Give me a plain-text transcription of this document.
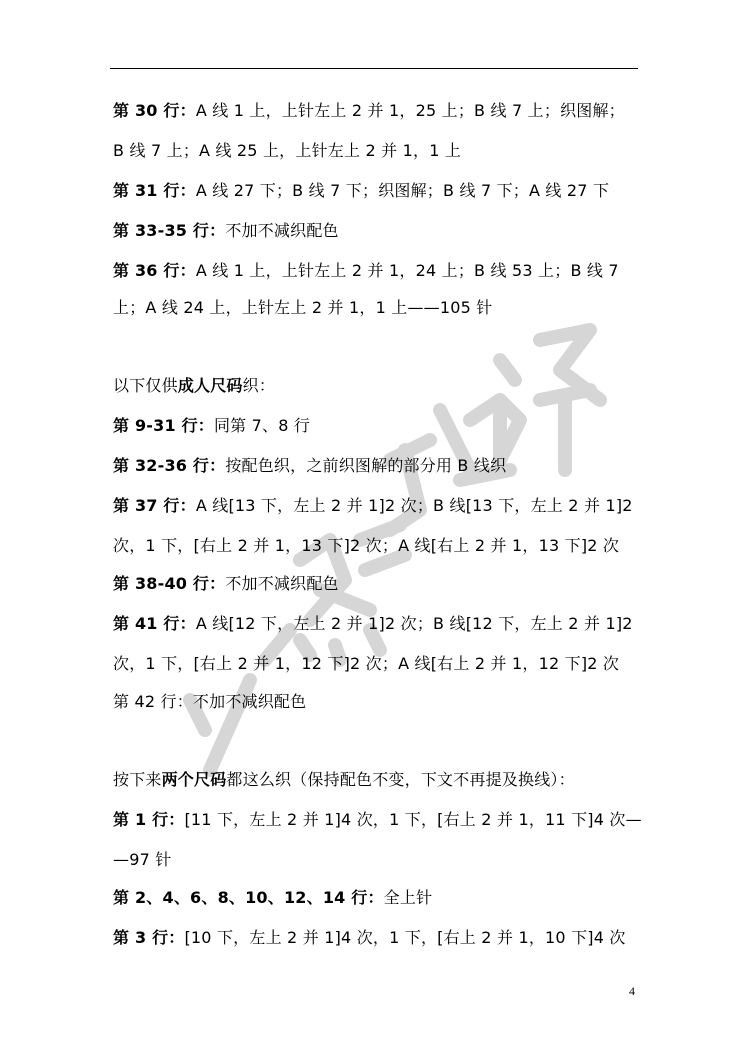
第 30 行：A 线 1 上，上针左上 2 并 1，25 上；B 线 7 上；织图解；
B 线 7 上；A 线 25 上，上针左上 2 并 1，1 上
第 31 行：A 线 27 下；B 线 7 下；织图解；B 线 7 下；A 线 27 下
第 33-35 行：不加不减织配色
第 36 行：A 线 1 上，上针左上 2 并 1，24 上；B 线 53 上；B 线 7
上；A 线 24 上，上针左上 2 并 1，1 上——105 针
以下仅供成人尺码织：
第 9-31 行：同第 7、8 行
第 32-36 行：按配色织，之前织图解的部分用 B 线织
第 37 行：A 线[13 下，左上 2 并 1]2 次；B 线[13 下，左上 2 并 1]2
次，1 下，[右上 2 并 1，13 下]2 次；A 线[右上 2 并 1，13 下]2 次
第 38-40 行：不加不减织配色
第 41 行：A 线[12 下，左上 2 并 1]2 次；B 线[12 下，左上 2 并 1]2
次，1 下，[右上 2 并 1，12 下]2 次；A 线[右上 2 并 1，12 下]2 次
第 42 行：不加不减织配色
按下来两个尺码都这么织（保持配色不变，下文不再提及换线）：
第 1 行：[11 下，左上 2 并 1]4 次，1 下，[右上 2 并 1，11 下]4 次—
—97 针
第 2、4、6、8、10、12、14 行：全上针
第 3 行：[10 下，左上 2 并 1]4 次，1 下，[右上 2 并 1，10 下]4 次
4
